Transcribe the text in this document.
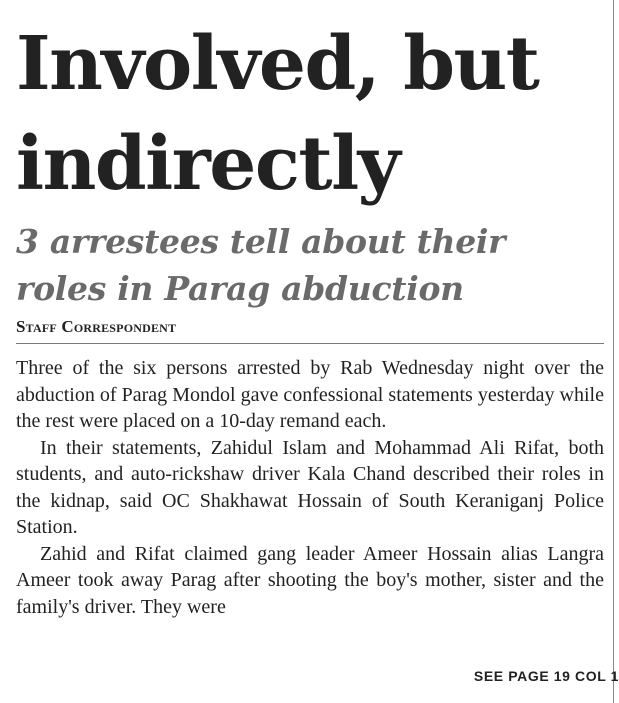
Involved, but
indirectly
3 arrestees tell about their
roles in Parag abduction
Staff Correspondent

Three of the six persons arrested by Rab Wednesday night over the abduction of Parag Mondol gave confessional statements yesterday while the rest were placed on a 10-day remand each.

In their statements, Zahidul Islam and Mohammad Ali Rifat, both students, and auto-rickshaw driver Kala Chand described their roles in the kidnap, said OC Shakhawat Hossain of South Keraniganj Police Station.

Zahid and Rifat claimed gang leader Ameer Hossain alias Langra Ameer took away Parag after shooting the boy's mother, sister and the family's driver. They were

SEE PAGE 19 COL 1
